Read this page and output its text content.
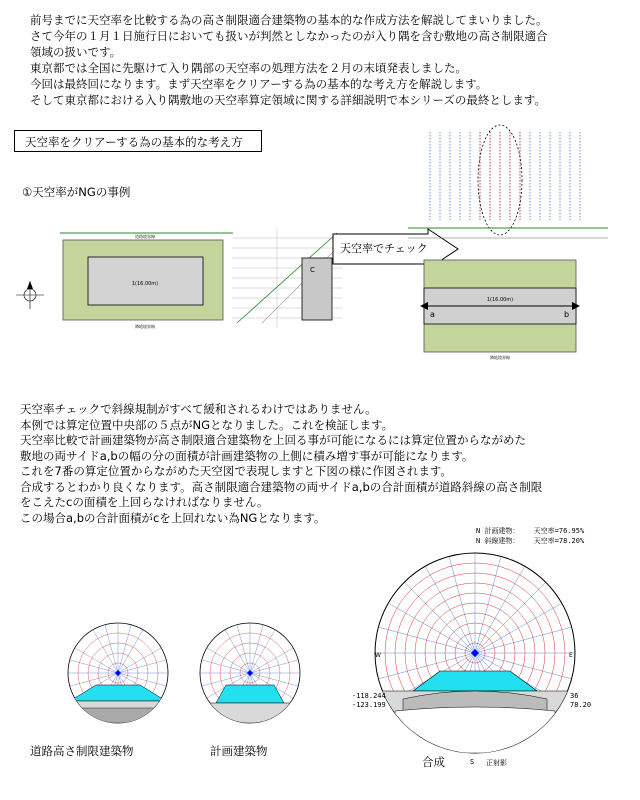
前号までに天空率を比較する為の高さ制限適合建築物の基本的な作成方法を解説してまいりました。

さて今年の１月１日施行日においても扱いが判然としなかったのが入り隅を含む敷地の高さ制限適合

領域の扱いです。

東京都では全国に先駆けて入り隅部の天空率の処理方法を２月の末頃発表しました。

今回は最終回になります。まず天空率をクリアーする為の基本的な考え方を解説します。

そして東京都における入り隅敷地の天空率算定領域に関する詳細説明で本シリーズの最終とします。

天空率をクリアーする為の基本的な考え方
①天空率がNGの事例
1(16.00m)
道路境界線
隣地境界線
C
天空率でチェック
1(16.00m)
a	b
隣地境界線

天空率チェックで斜線規制がすべて緩和されるわけではありません。

本例では算定位置中央部の５点がNGとなりました。これを検証します。

天空率比較で計画建築物が高さ制限適合建築物を上回る事が可能になるには算定位置からながめた

敷地の両サイドa,bの幅の分の面積が計画建築物の上側に積み増す事が可能になります。

これを7番の算定位置からながめた天空図で表現しますと下図の様に作図されます。

合成するとわかり良くなります。高さ制限適合建築物の両サイドa,bの合計面積が道路斜線の高さ制限

をこえたcの面積を上回らなければなりません。

この場合a,bの合計面積がcを上回れない為NGとなります。

道路高さ制限建築物	計画建築物
N 計画建物： 天空率=76.95%
N 斜線建物： 天空率=78.20%
W	E
-118.244
-123.199
36
78.20
合成	S 正射影
